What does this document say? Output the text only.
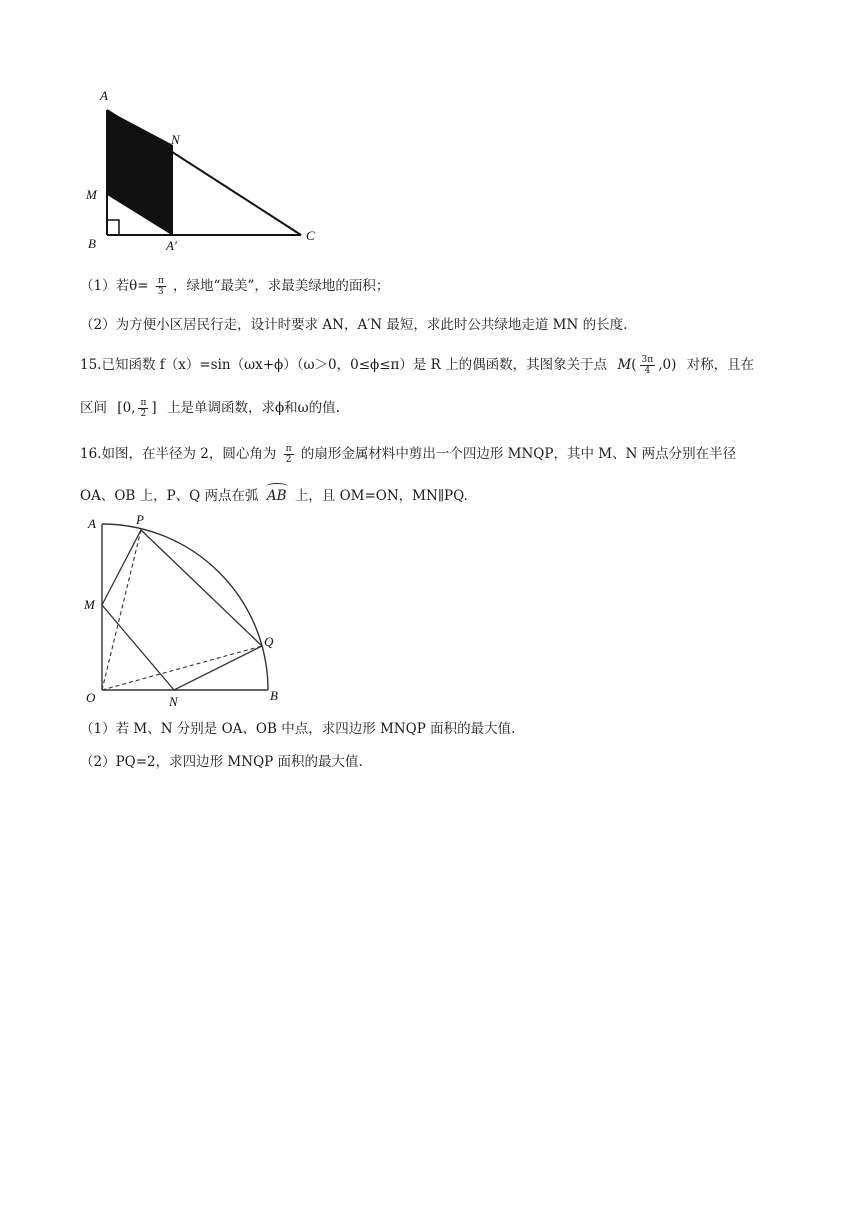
A
N
M
B	A′
C
（1）若$\theta= \frac{\pi}{3}$ ，绿地“最美”，求最美绿地的面积；
（2）为方便小区居民行走，设计时要求 AN，A′N 最短，求此时公共绿地走道 MN 的长度.
15.已知函数 f（x）=sin（ωx+ϕ）（ω＞0，0≤ϕ≤π）是 R 上的偶函数，其图象关于点 $M( \frac{3\pi}{4} ,0)$ 对称，且在
区间 [0, $\frac{\pi}{2}$ ] 上是单调函数，求ϕ和ω的值.
16.如图，在半径为 2，圆心角为 $\frac{\pi}{2}$ 的扇形金属材料中剪出一个四边形 MNQP，其中 M、N 两点分别在半径
OA、OB 上，P、Q 两点在弧 AB 上，且 OM=ON，MN∥PQ.
A	P
M
Q
O	N	B
（1）若 M、N 分别是 OA、OB 中点，求四边形 MNQP 面积的最大值.
（2）PQ=2，求四边形 MNQP 面积的最大值.
